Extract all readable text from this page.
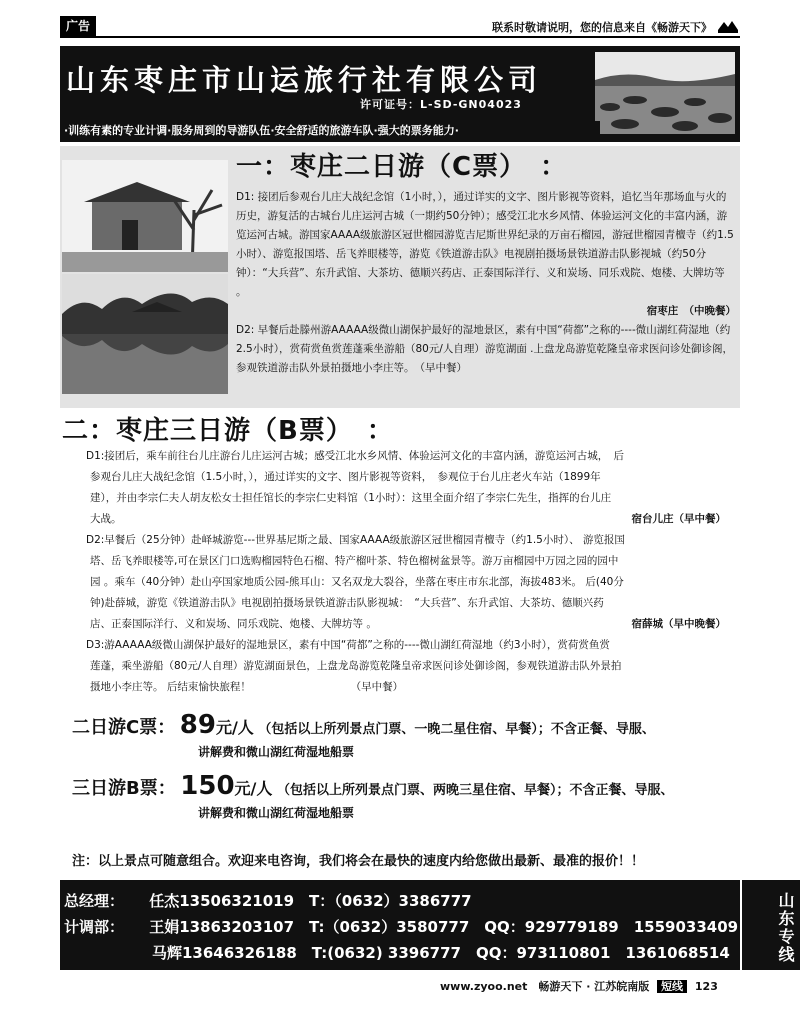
广告	联系时敬请说明，您的信息来自《畅游天下》
山东枣庄市山运旅行社有限公司
许可证号：L-SD-GN04023
·训练有素的专业计调·服务周到的导游队伍·安全舒适的旅游车队·强大的票务能力·
一：枣庄二日游（C票）　：

D1: 接团后参观台儿庄大战纪念馆（1小时，），通过详实的文字、图片影视等资料，追忆当年那场血与火的历史，游复活的古城台儿庄运河古城（一期约50分钟）；感受江北水乡风情、体验运河文化的丰富内涵，游览运河古城。游国家AAAA级旅游区冠世榴园游览吉尼斯世界纪录的万亩石榴园，游冠世榴园青檀寺（约1.5小时）、游览报国塔、岳飞养眼楼等，游览《铁道游击队》电视剧拍摄场景铁道游击队影视城（约50分钟）：“大兵营”、东升武馆、大茶坊、德顺兴药店、正泰国际洋行、义和炭场、同乐戏院、炮楼、大牌坊等 。

宿枣庄　（中晚餐）

D2: 早餐后赴滕州游AAAAA级微山湖保护最好的湿地景区，素有中国“荷都”之称的----微山湖红荷湿地（约2.5小时），赏荷赏鱼赏莲蓬乘坐游船（80元/人自理）游览湖面 .上盘龙岛游览乾隆皇帝求医问诊处御诊阁，参观铁道游击队外景拍摄地小李庄等。　（早中餐）

二：枣庄三日游（B票）　：

D1:接团后，乘车前往台儿庄游台儿庄运河古城；感受江北水乡风情、体验运河文化的丰富内涵，游览运河古城，　后

参观台儿庄大战纪念馆（1.5小时，），通过详实的文字、图片影视等资料，　参观位于台儿庄老火车站（1899年

建），并由李宗仁夫人胡友松女士担任馆长的李宗仁史料馆（1小时）：这里全面介绍了李宗仁先生，指挥的台儿庄

大战。	宿台儿庄（早中餐）

D2:早餐后（25分钟）赴峄城游览---世界基尼斯之最、国家AAAA级旅游区冠世榴园青檀寺（约1.5小时）、 游览报国

塔、岳飞养眼楼等,可在景区门口选购榴园特色石榴、特产榴叶茶、特色榴树盆景等。游万亩榴园中万园之园的园中

园 。乘车（40分钟）赴山亭国家地质公园-熊耳山：又名双龙大裂谷，坐落在枣庄市东北部，海拔483米。 后(40分

钟)赴薛城，游览《铁道游击队》电视剧拍摄场景铁道游击队影视城：　“大兵营”、东升武馆、大茶坊、德顺兴药

店、正泰国际洋行、义和炭场、同乐戏院、炮楼、大牌坊等 。	宿薛城（早中晚餐）

D3:游AAAAA级微山湖保护最好的湿地景区，素有中国“荷都”之称的----微山湖红荷湿地（约3小时），赏荷赏鱼赏

莲蓬，乘坐游船（80元/人自理）游览湖面景色，上盘龙岛游览乾隆皇帝求医问诊处御诊阁，参观铁道游击队外景拍

摄地小李庄等。 后结束愉快旅程！　　　　　　　　　　（早中餐）

二日游C票： 89元/人 （包括以上所列景点门票、一晚二星住宿、早餐）；不含正餐、导服、
讲解费和微山湖红荷湿地船票
三日游B票： 150元/人 （包括以上所列景点门票、两晚三星住宿、早餐）；不含正餐、导服、
讲解费和微山湖红荷湿地船票
注：以上景点可随意组合。欢迎来电咨询，我们将会在最快的速度内给您做出最新、最准的报价！！
总经理： 任杰13506321019　T：（0632）3386777
计调部： 王娟13863203107　T:（0632）3580777　QQ：929779189　1559033409
马辉13646326188　T:(0632) 3396777　QQ：973110801　1361068514	山东专线
www.zyoo.net　畅游天下 · 江苏皖南版 短线 123
